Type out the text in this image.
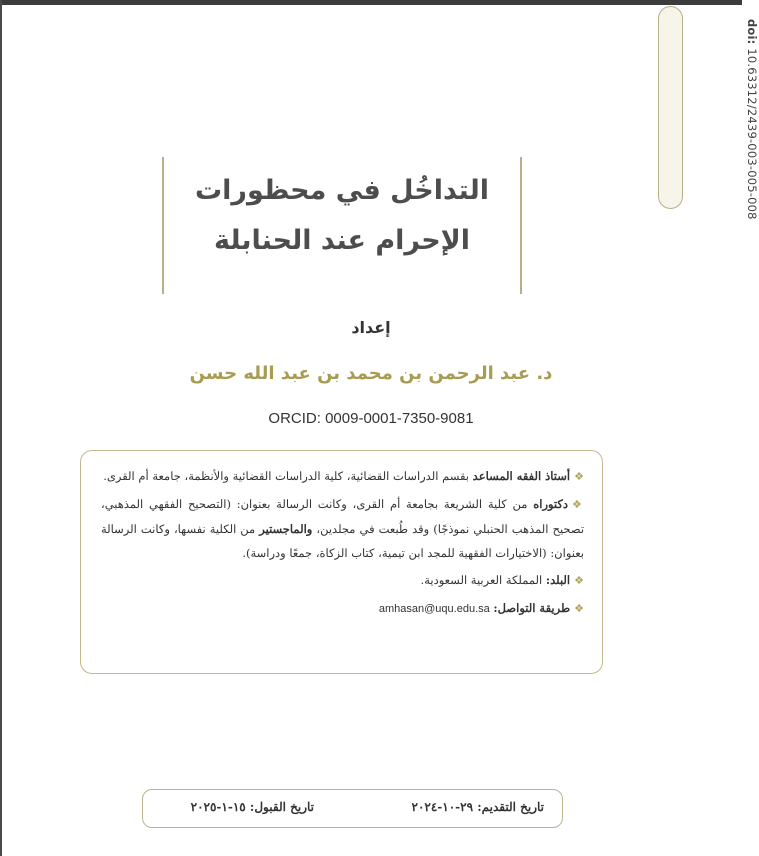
doi: 10.63312/2439-003-005-008
التداخُل في محظورات
الإحرام عند الحنابلة
إعداد
د. عبد الرحمن بن محمد بن عبد الله حسن
ORCID: 0009-0001-7350-9081
❖أستاذ الفقه المساعد بقسم الدراسات القضائية، كلية الدراسات القضائية والأنظمة، جامعة أم القرى.
❖دكتوراه من كلية الشريعة بجامعة أم القرى، وكانت الرسالة بعنوان: (التصحيح الفقهي المذهبي، تصحيح المذهب الحنبلي نموذجًا) وقد طُبعت في مجلدين، والماجستير من الكلية نفسها، وكانت الرسالة بعنوان: (الاختيارات الفقهية للمجد ابن تيمية، كتاب الزكاة، جمعًا ودراسة).
❖البلد: المملكة العربية السعودية.
❖طريقة التواصل: amhasan@uqu.edu.sa
تاريخ التقديم: ٢٩-١٠-٢٠٢٤
تاريخ القبول: ١٥-١-٢٠٢٥
